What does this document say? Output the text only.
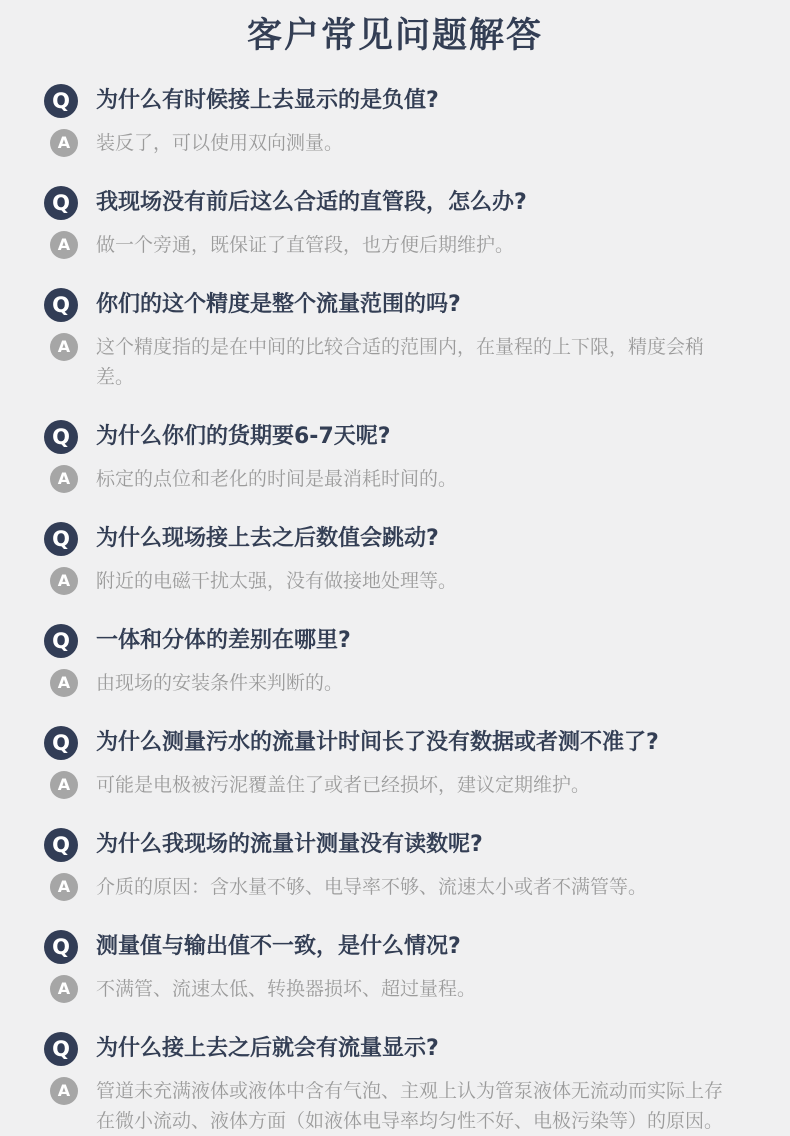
客户常见问题解答
Q	为什么有时候接上去显示的是负值?
A	装反了，可以使用双向测量。
Q	我现场没有前后这么合适的直管段，怎么办?
A	做一个旁通，既保证了直管段，也方便后期维护。
Q	你们的这个精度是整个流量范围的吗?
A	这个精度指的是在中间的比较合适的范围内，在量程的上下限，精度会稍差。
Q	为什么你们的货期要6-7天呢?
A	标定的点位和老化的时间是最消耗时间的。
Q	为什么现场接上去之后数值会跳动?
A	附近的电磁干扰太强，没有做接地处理等。
Q	一体和分体的差别在哪里?
A	由现场的安装条件来判断的。
Q	为什么测量污水的流量计时间长了没有数据或者测不准了?
A	可能是电极被污泥覆盖住了或者已经损坏，建议定期维护。
Q	为什么我现场的流量计测量没有读数呢?
A	介质的原因：含水量不够、电导率不够、流速太小或者不满管等。
Q	测量值与输出值不一致，是什么情况?
A	不满管、流速太低、转换器损坏、超过量程。
Q	为什么接上去之后就会有流量显示?
A	管道未充满液体或液体中含有气泡、主观上认为管泵液体无流动而实际上存在微小流动、液体方面（如液体电导率均匀性不好、电极污染等）的原因。
